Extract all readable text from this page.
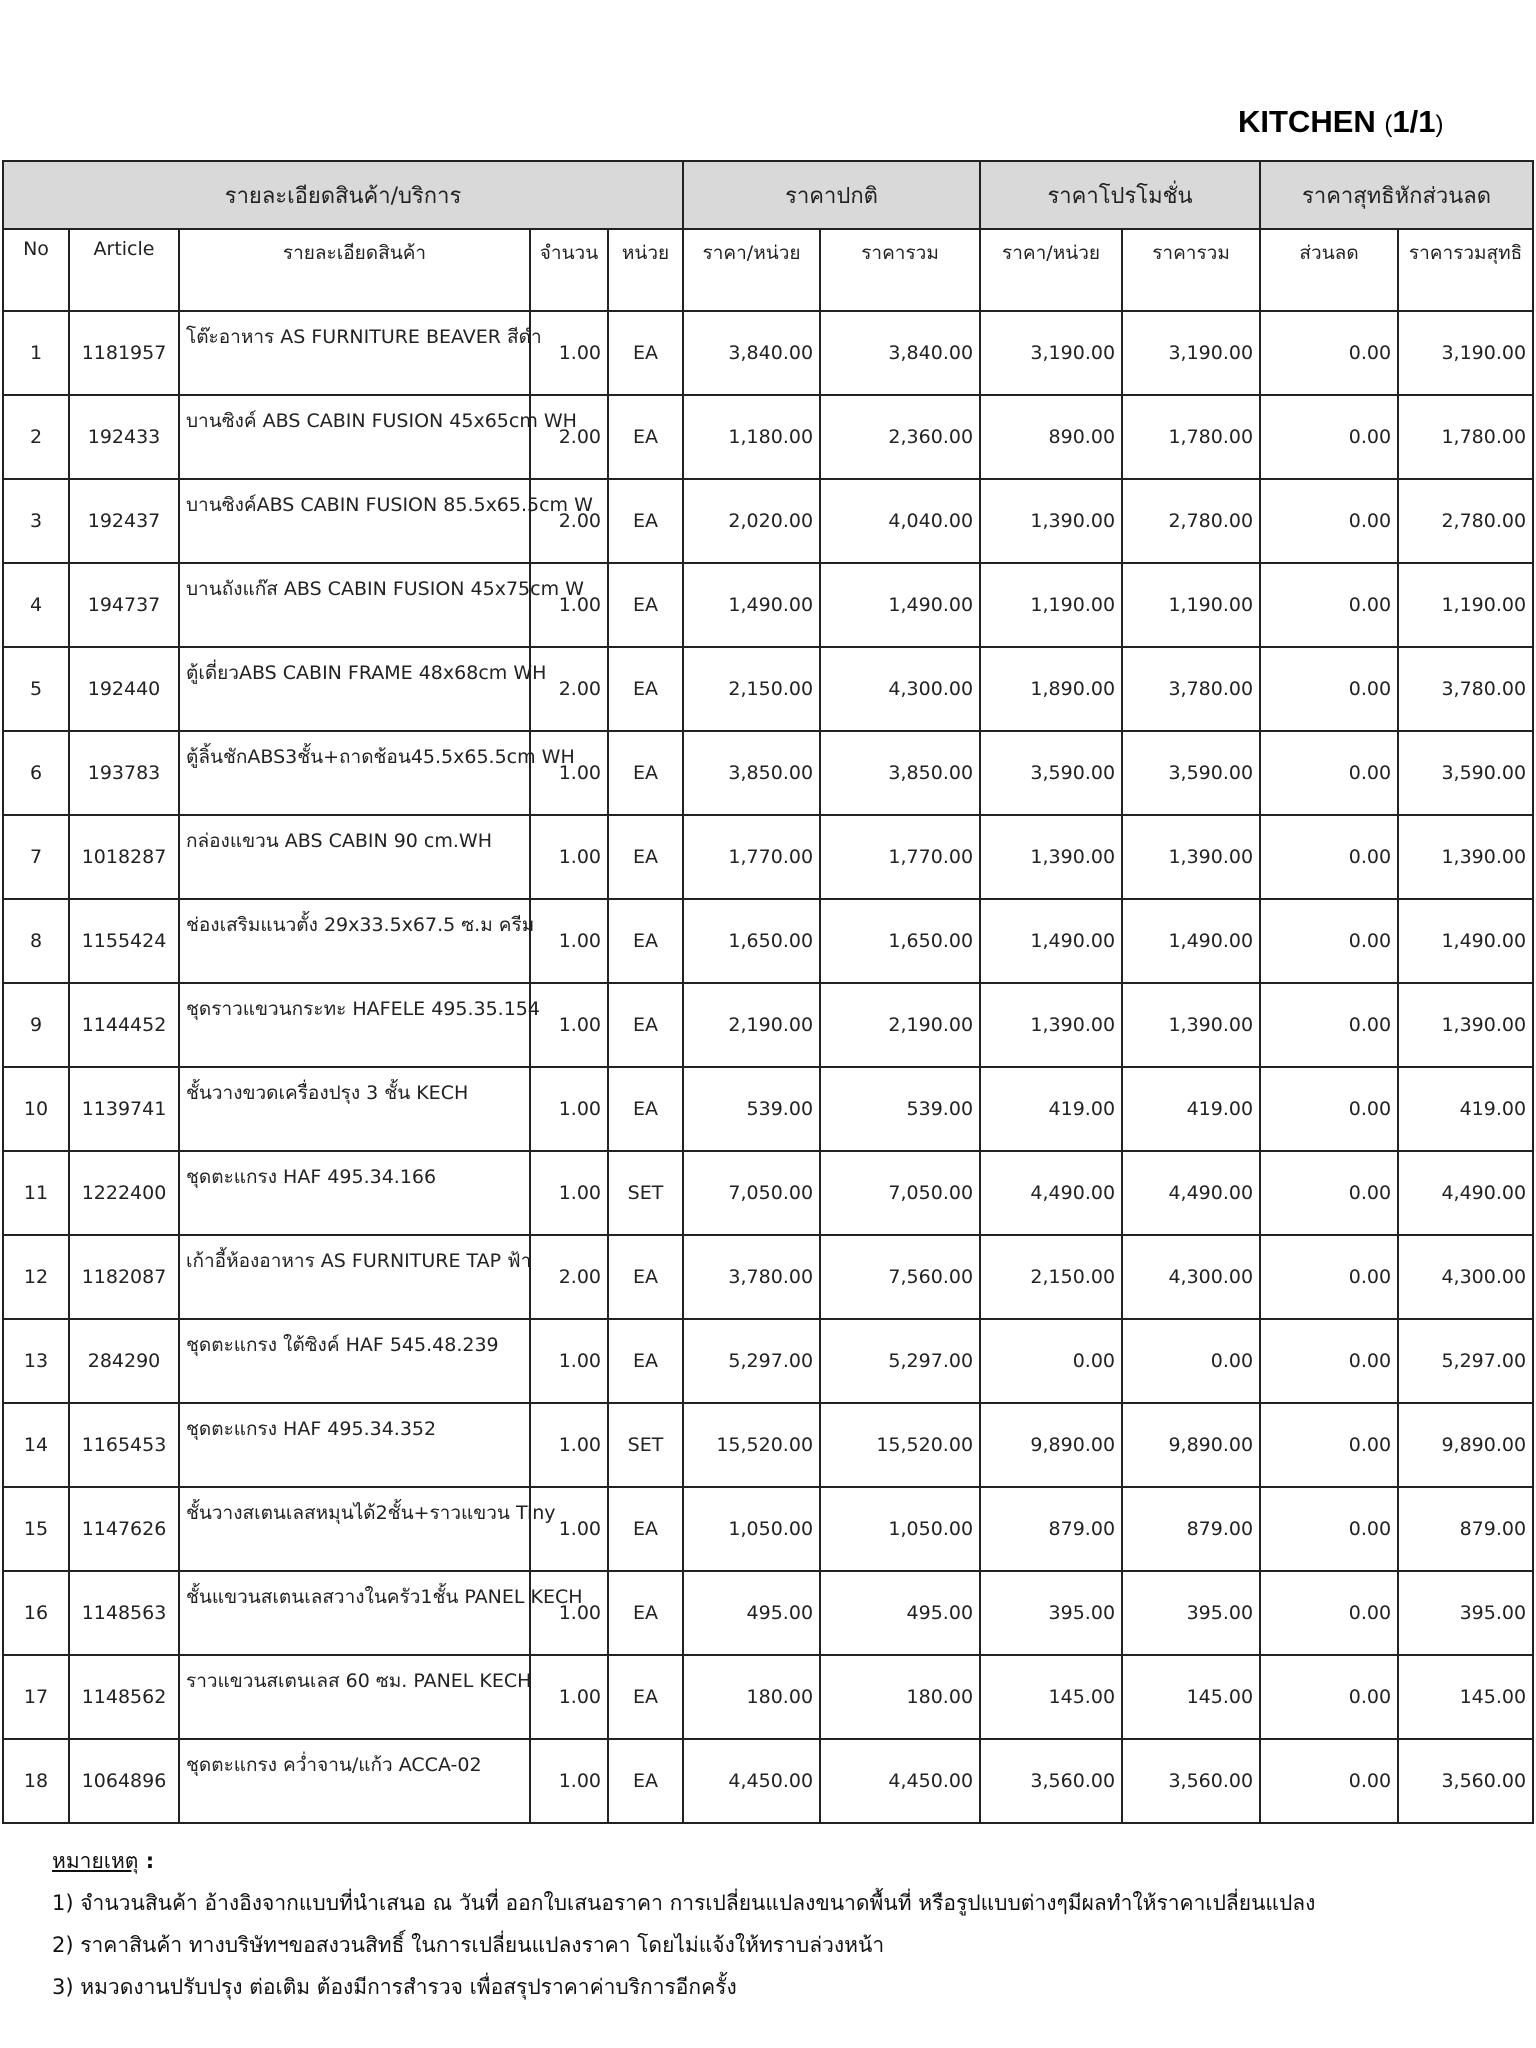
KITCHEN (1/1)
รายละเอียดสินค้า/บริการ					ราคาปกติ		ราคาโปรโมชั่น		ราคาสุทธิหักส่วนลด	
No	Article	รายละเอียดสินค้า	จำนวน	หน่วย	ราคา/หน่วย	ราคารวม	ราคา/หน่วย	ราคารวม	ส่วนลด	ราคารวมสุทธิ
1	1181957	โต๊ะอาหาร AS FURNITURE BEAVER สีดำ	1.00	EA	3,840.00	3,840.00	3,190.00	3,190.00	0.00	3,190.00
2	192433	บานซิงค์ ABS CABIN FUSION 45x65cm WH	2.00	EA	1,180.00	2,360.00	890.00	1,780.00	0.00	1,780.00
3	192437	บานซิงค์ABS CABIN FUSION 85.5x65.5cm W	2.00	EA	2,020.00	4,040.00	1,390.00	2,780.00	0.00	2,780.00
4	194737	บานถังแก๊ส ABS CABIN FUSION 45x75cm W	1.00	EA	1,490.00	1,490.00	1,190.00	1,190.00	0.00	1,190.00
5	192440	ตู้เดี่ยวABS CABIN FRAME 48x68cm WH	2.00	EA	2,150.00	4,300.00	1,890.00	3,780.00	0.00	3,780.00
6	193783	ตู้ลิ้นชักABS3ชั้น+ถาดช้อน45.5x65.5cm WH	1.00	EA	3,850.00	3,850.00	3,590.00	3,590.00	0.00	3,590.00
7	1018287	กล่องแขวน ABS CABIN 90 cm.WH	1.00	EA	1,770.00	1,770.00	1,390.00	1,390.00	0.00	1,390.00
8	1155424	ช่องเสริมแนวตั้ง 29x33.5x67.5 ซ.ม ครีม	1.00	EA	1,650.00	1,650.00	1,490.00	1,490.00	0.00	1,490.00
9	1144452	ชุดราวแขวนกระทะ HAFELE 495.35.154	1.00	EA	2,190.00	2,190.00	1,390.00	1,390.00	0.00	1,390.00
10	1139741	ชั้นวางขวดเครื่องปรุง 3 ชั้น KECH	1.00	EA	539.00	539.00	419.00	419.00	0.00	419.00
11	1222400	ชุดตะแกรง HAF 495.34.166	1.00	SET	7,050.00	7,050.00	4,490.00	4,490.00	0.00	4,490.00
12	1182087	เก้าอี้ห้องอาหาร AS FURNITURE TAP ฟ้า	2.00	EA	3,780.00	7,560.00	2,150.00	4,300.00	0.00	4,300.00
13	284290	ชุดตะแกรง ใต้ซิงค์ HAF 545.48.239	1.00	EA	5,297.00	5,297.00	0.00	0.00	0.00	5,297.00
14	1165453	ชุดตะแกรง HAF 495.34.352	1.00	SET	15,520.00	15,520.00	9,890.00	9,890.00	0.00	9,890.00
15	1147626	ชั้นวางสเตนเลสหมุนได้2ชั้น+ราวแขวน Tiny	1.00	EA	1,050.00	1,050.00	879.00	879.00	0.00	879.00
16	1148563	ชั้นแขวนสเตนเลสวางในครัว1ชั้น PANEL KECH	1.00	EA	495.00	495.00	395.00	395.00	0.00	395.00
17	1148562	ราวแขวนสเตนเลส 60 ซม. PANEL KECH	1.00	EA	180.00	180.00	145.00	145.00	0.00	145.00
18	1064896	ชุดตะแกรง คว่ำจาน/แก้ว ACCA-02	1.00	EA	4,450.00	4,450.00	3,560.00	3,560.00	0.00	3,560.00
หมายเหตุ :
1) จำนวนสินค้า อ้างอิงจากแบบที่นำเสนอ ณ วันที่ ออกใบเสนอราคา การเปลี่ยนแปลงขนาดพื้นที่ หรือรูปแบบต่างๆมีผลทำให้ราคาเปลี่ยนแปลง
2) ราคาสินค้า ทางบริษัทฯขอสงวนสิทธิ์ ในการเปลี่ยนแปลงราคา โดยไม่แจ้งให้ทราบล่วงหน้า
3) หมวดงานปรับปรุง ต่อเติม ต้องมีการสำรวจ เพื่อสรุปราคาค่าบริการอีกครั้ง
